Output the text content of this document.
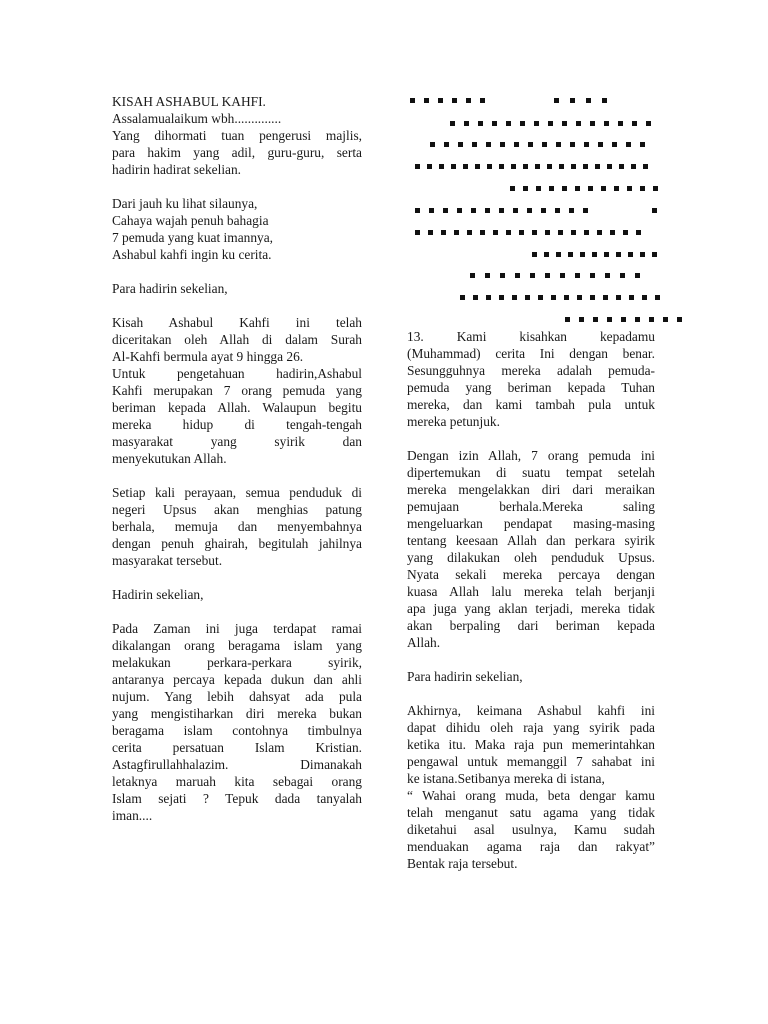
KISAH ASHABUL KAHFI.

Assalamualaikum wbh..............

Yang dihormati tuan pengerusi majlis,

para hakim yang adil, guru-guru, serta

hadirin hadirat sekelian.

Dari jauh ku lihat silaunya,

Cahaya wajah penuh bahagia

7 pemuda yang kuat imannya,

Ashabul kahfi ingin ku cerita.

Para hadirin sekelian,

Kisah Ashabul Kahfi ini telah

diceritakan oleh Allah di dalam Surah

Al-Kahfi bermula ayat 9 hingga 26.

Untuk pengetahuan hadirin,Ashabul

Kahfi merupakan 7 orang pemuda yang

beriman kepada Allah. Walaupun begitu

mereka hidup di tengah-tengah

masyarakat yang syirik dan

menyekutukan Allah.

Setiap kali perayaan, semua penduduk di

negeri Upsus akan menghias patung

berhala, memuja dan menyembahnya

dengan penuh ghairah, begitulah jahilnya

masyarakat tersebut.

Hadirin sekelian,

Pada Zaman ini juga terdapat ramai

dikalangan orang beragama islam yang

melakukan perkara-perkara syirik,

antaranya percaya kepada dukun dan ahli

nujum. Yang lebih dahsyat ada pula

yang mengistiharkan diri mereka bukan

beragama islam contohnya timbulnya

cerita persatuan Islam Kristian.

Astagfirullahhalazim. Dimanakah

letaknya maruah kita sebagai orang

Islam sejati ? Tepuk dada tanyalah

iman....

13. Kami kisahkan kepadamu

(Muhammad) cerita Ini dengan benar.

Sesungguhnya mereka adalah pemuda-

pemuda yang beriman kepada Tuhan

mereka, dan kami tambah pula untuk

mereka petunjuk.

Dengan izin Allah, 7 orang pemuda ini

dipertemukan di suatu tempat setelah

mereka mengelakkan diri dari meraikan

pemujaan berhala.Mereka saling

mengeluarkan pendapat masing-masing

tentang keesaan Allah dan perkara syirik

yang dilakukan oleh penduduk Upsus.

Nyata sekali mereka percaya dengan

kuasa Allah lalu mereka telah berjanji

apa juga yang aklan terjadi, mereka tidak

akan berpaling dari beriman kepada

Allah.

Para hadirin sekelian,

Akhirnya, keimana Ashabul kahfi ini

dapat dihidu oleh raja yang syirik pada

ketika itu. Maka raja pun memerintahkan

pengawal untuk memanggil 7 sahabat ini

ke istana.Setibanya mereka di istana,

“ Wahai orang muda, beta dengar kamu

telah menganut satu agama yang tidak

diketahui asal usulnya, Kamu sudah

menduakan agama raja dan rakyat”

Bentak raja tersebut.
